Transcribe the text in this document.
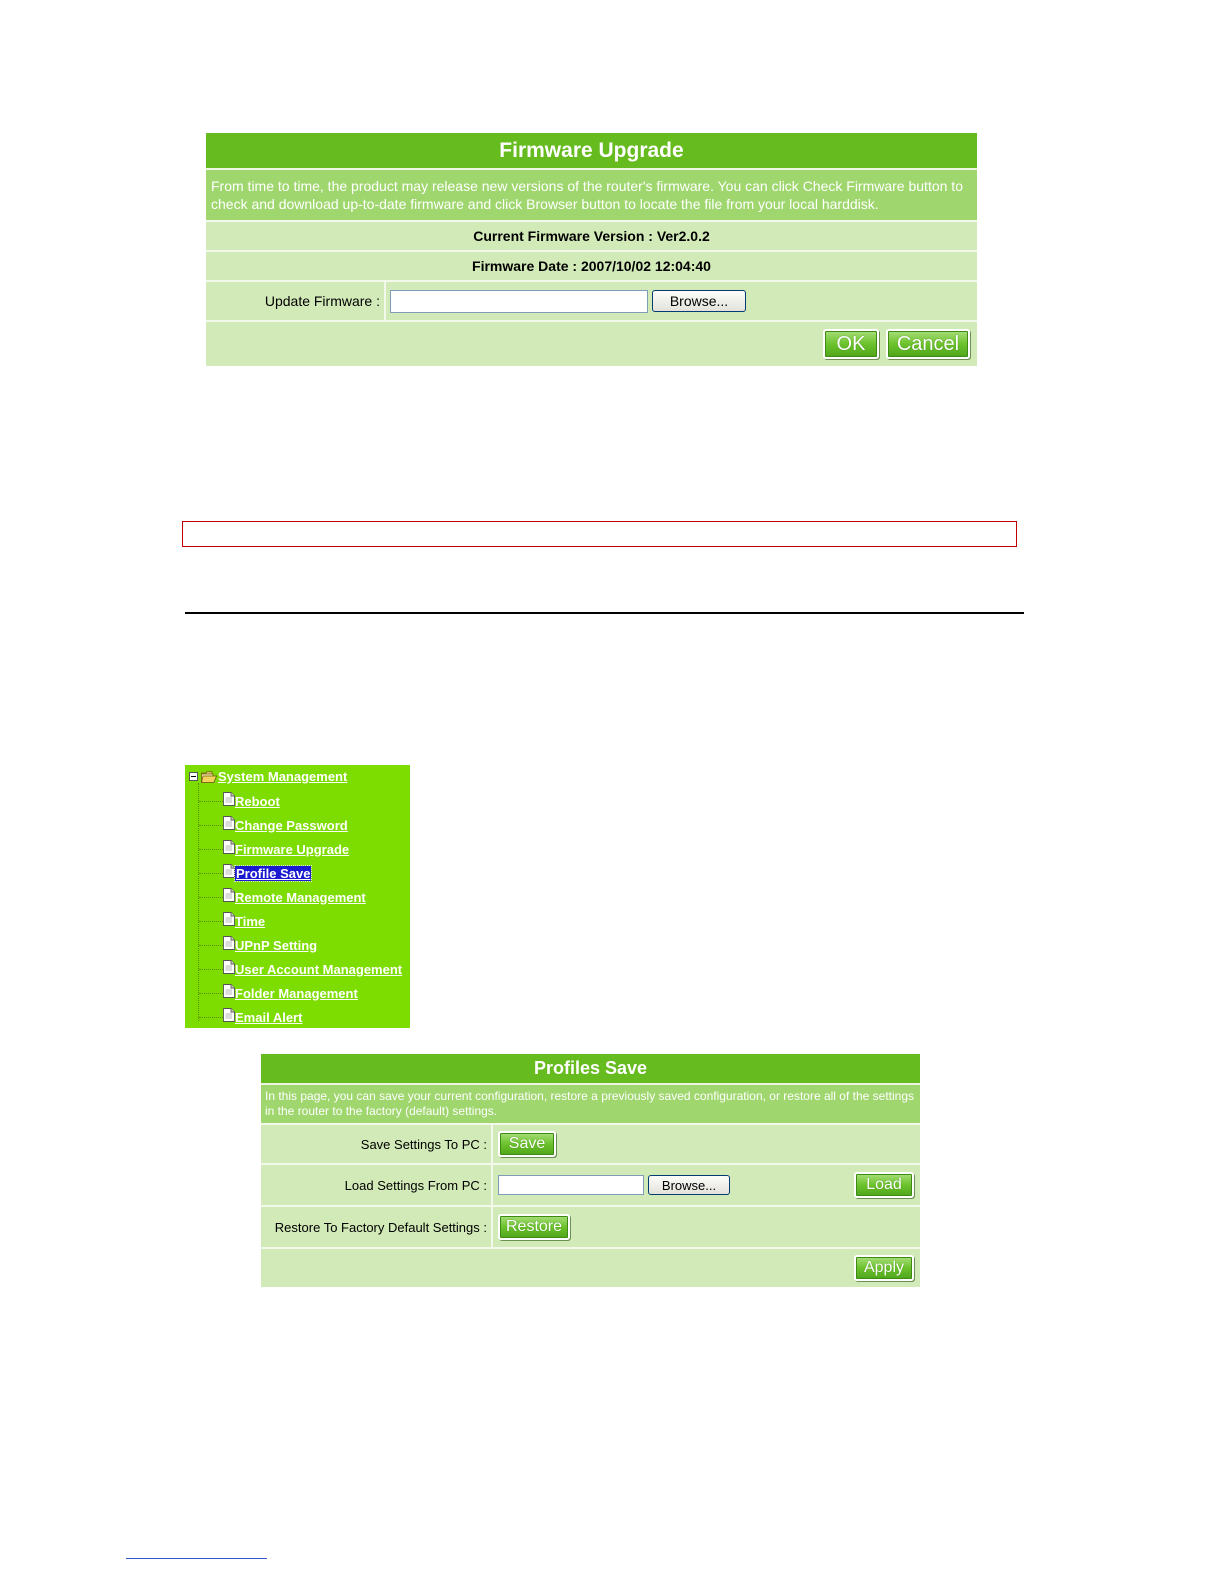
Firmware Upgrade
From time to time, the product may release new versions of the router's firmware. You can click Check Firmware button to check and download up-to-date firmware and click Browser button to locate the file from your local harddisk.
Current Firmware Version : Ver2.0.2
Firmware Date : 2007/10/02 12:04:40
Update Firmware :	Browse...
OK	Cancel
System Management
Reboot
Change Password
Firmware Upgrade
Profile Save
Remote Management
Time
UPnP Setting
User Account Management
Folder Management
Email Alert
Profiles Save
In this page, you can save your current configuration, restore a previously saved configuration, or restore all of the settings in the router to the factory (default) settings.
Save Settings To PC :	Save
Load Settings From PC :	Browse...	Load
Restore To Factory Default Settings :	Restore
Apply
